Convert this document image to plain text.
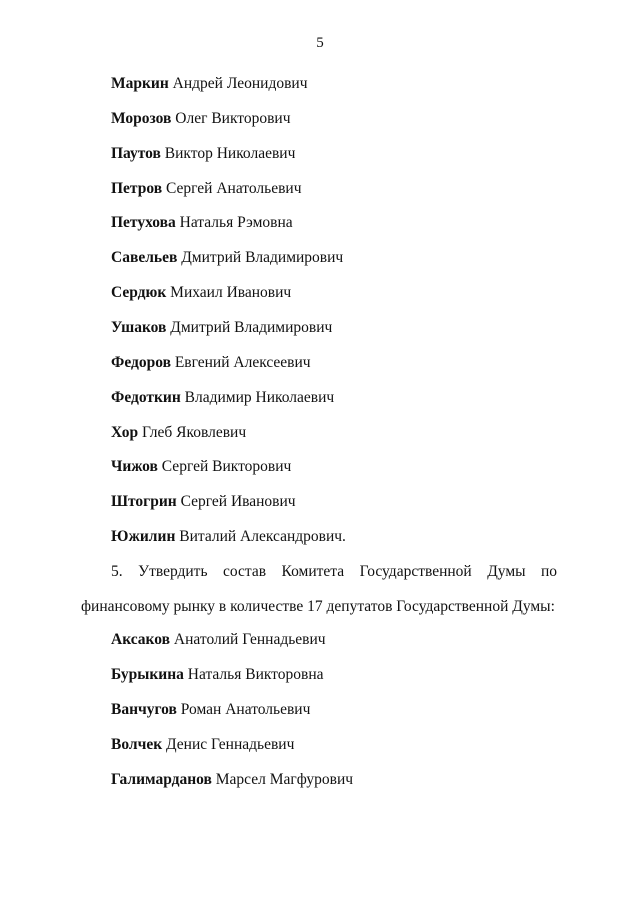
5
Маркин Андрей Леонидович
Морозов Олег Викторович
Паутов Виктор Николаевич
Петров Сергей Анатольевич
Петухова Наталья Рэмовна
Савельев Дмитрий Владимирович
Сердюк Михаил Иванович
Ушаков Дмитрий Владимирович
Федоров Евгений Алексеевич
Федоткин Владимир Николаевич
Хор Глеб Яковлевич
Чижов Сергей Викторович
Штогрин Сергей Иванович
Южилин Виталий Александрович.
5. Утвердить состав Комитета Государственной Думы по
финансовому рынку в количестве 17 депутатов Государственной Думы:
Аксаков Анатолий Геннадьевич
Бурыкина Наталья Викторовна
Ванчугов Роман Анатольевич
Волчек Денис Геннадьевич
Галимарданов Марсел Магфурович
